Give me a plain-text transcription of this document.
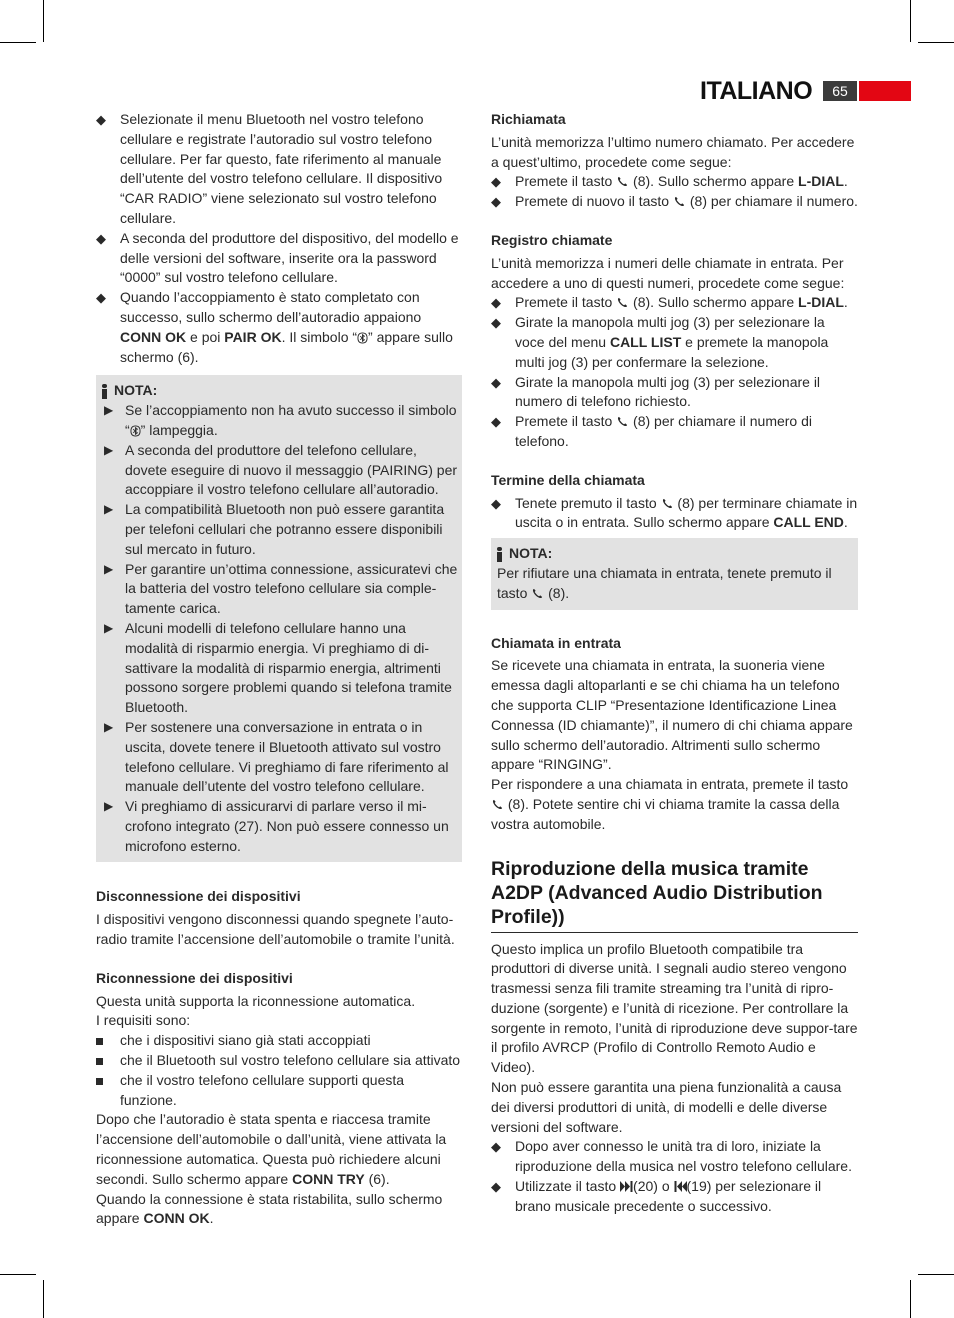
ITALIANO	65
◆ Selezionate il menu Bluetooth nel vostro telefono cellulare e registrate l’autoradio sul vostro telefono cellulare. Per far questo, fate riferimento al manuale dell’utente del vostro telefono cellulare. Il dispositivo “CAR RADIO” viene selezionato sul vostro telefono cellulare.
◆ A seconda del produttore del dispositivo, del modello e delle versioni del software, inserite ora la password “0000” sul vostro telefono cellulare.
◆ Quando l’accoppiamento è stato completato con successo, sullo schermo dell’autoradio appaiono CONN OK e poi PAIR OK. Il simbolo “ ” appare sullo schermo (6).
NOTA:
▶ Se l’accoppiamento non ha avuto successo il simbolo “ ” lampeggia.
▶ A seconda del produttore del telefono cellulare, dovete eseguire di nuovo il messaggio (PAIRING) per accoppiare il vostro telefono cellulare all’autoradio.
▶ La compatibilità Bluetooth non può essere garantita per telefoni cellulari che potranno essere disponibili sul mercato in futuro.
▶ Per garantire un’ottima connessione, assicuratevi che la batteria del vostro telefono cellulare sia comple-tamente carica.
▶ Alcuni modelli di telefono cellulare hanno una modalità di risparmio energia. Vi preghiamo di di-sattivare la modalità di risparmio energia, altrimenti possono sorgere problemi quando si telefona tramite Bluetooth.
▶ Per sostenere una conversazione in entrata o in uscita, dovete tenere il Bluetooth attivato sul vostro telefono cellulare. Vi preghiamo di fare riferimento al manuale dell’utente del vostro telefono cellulare.
▶ Vi preghiamo di assicurarvi di parlare verso il mi-crofono integrato (27). Non può essere connesso un microfono esterno.

Disconnessione dei dispositivi

I dispositivi vengono disconnessi quando spegnete l’auto-radio tramite l’accensione dell’automobile o tramite l’unità.

Riconnessione dei dispositivi

Questa unità supporta la riconnessione automatica.

I requisiti sono:

che i dispositivi siano già stati accoppiati
che il Bluetooth sul vostro telefono cellulare sia attivato
che il vostro telefono cellulare supporti questa funzione.

Dopo che l’autoradio è stata spenta e riaccesa tramite l’accensione dell’automobile o dall’unità, viene attivata la riconnessione automatica. Questa può richiedere alcuni secondi. Sullo schermo appare CONN TRY (6).

Quando la connessione è stata ristabilita, sullo schermo appare CONN OK.

Richiamata

L’unità memorizza l’ultimo numero chiamato. Per accedere a quest’ultimo, procedete come segue:

◆ Premete il tasto  (8). Sullo schermo appare L-DIAL.
◆ Premete di nuovo il tasto  (8) per chiamare il numero.

Registro chiamate

L’unità memorizza i numeri delle chiamate in entrata. Per accedere a uno di questi numeri, procedete come segue:

◆ Premete il tasto  (8). Sullo schermo appare L-DIAL.
◆ Girate la manopola multi jog (3) per selezionare la voce del menu CALL LIST e premete la manopola multi jog (3) per confermare la selezione.
◆ Girate la manopola multi jog (3) per selezionare il numero di telefono richiesto.
◆ Premete il tasto  (8) per chiamare il numero di telefono.

Termine della chiamata

◆ Tenete premuto il tasto  (8) per terminare chiamate in uscita o in entrata. Sullo schermo appare CALL END.
NOTA:

Per rifiutare una chiamata in entrata, tenete premuto il tasto  (8).

Chiamata in entrata

Se ricevete una chiamata in entrata, la suoneria viene emessa dagli altoparlanti e se chi chiama ha un telefono che supporta CLIP “Presentazione Identificazione Linea Connessa (ID chiamante)”, il numero di chi chiama appare sullo schermo dell’autoradio. Altrimenti sullo schermo appare “RINGING”.

Per rispondere a una chiamata in entrata, premete il tasto  (8). Potete sentire chi vi chiama tramite la cassa della vostra automobile.

Riproduzione della musica tramite A2DP (Advanced Audio Distribution Profile))

Questo implica un profilo Bluetooth compatibile tra produttori di diverse unità. I segnali audio stereo vengono trasmessi senza fili tramite streaming tra l’unità di ripro-duzione (sorgente) e l’unità di ricezione. Per controllare la sorgente in remoto, l’unità di riproduzione deve suppor-tare il profilo AVRCP (Profilo di Controllo Remoto Audio e Video).

Non può essere garantita una piena funzionalità a causa dei diversi produttori di unità, di modelli e delle diverse versioni del software.

◆ Dopo aver connesso le unità tra di loro, iniziate la riproduzione della musica nel vostro telefono cellulare.
◆ Utilizzate il tasto (20) o (19) per selezionare il brano musicale precedente o successivo.
